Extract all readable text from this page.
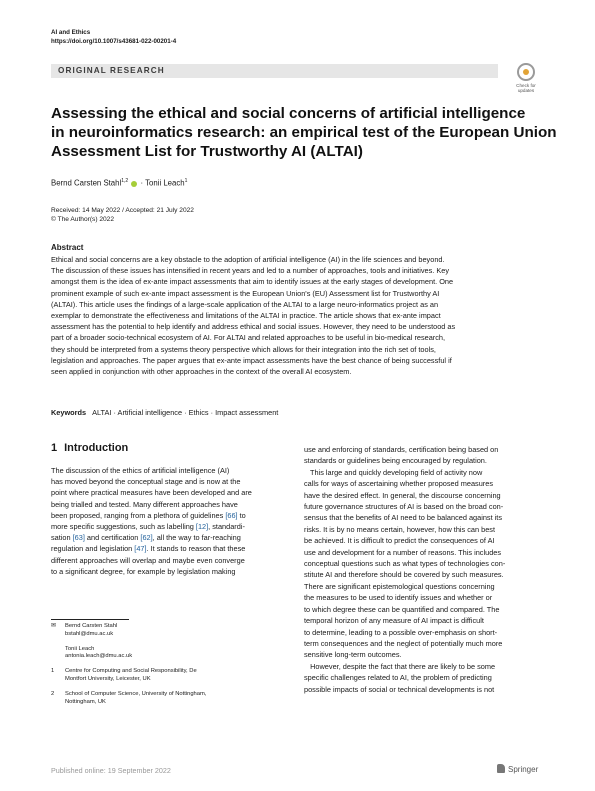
AI and Ethics
https://doi.org/10.1007/s43681-022-00201-4
ORIGINAL RESEARCH
Check for
updates
Assessing the ethical and social concerns of artificial intelligence
in neuroinformatics research: an empirical test of the European Union
Assessment List for Trustworthy AI (ALTAI)
Bernd Carsten Stahl$^{1,2}$  · Tonii Leach$^1$
Received: 14 May 2022 / Accepted: 21 July 2022
© The Author(s) 2022
Abstract
Ethical and social concerns are a key obstacle to the adoption of artificial intelligence (AI) in the life sciences and beyond.
The discussion of these issues has intensified in recent years and led to a number of approaches, tools and initiatives. Key
amongst them is the idea of ex-ante impact assessments that aim to identify issues at the early stages of development. One
prominent example of such ex-ante impact assessment is the European Union's (EU) Assessment list for Trustworthy AI
(ALTAI). This article uses the findings of a large-scale application of the ALTAI to a large neuro-informatics project as an
exemplar to demonstrate the effectiveness and limitations of the ALTAI in practice. The article shows that ex-ante impact
assessment has the potential to help identify and address ethical and social issues. However, they need to be understood as
part of a broader socio-technical ecosystem of AI. For ALTAI and related approaches to be useful in bio-medical research,
they should be interpreted from a systems theory perspective which allows for their integration into the rich set of tools,
legislation and approaches. The paper argues that ex-ante impact assessments have the best chance of being successful if
seen applied in conjunction with other approaches in the context of the overall AI ecosystem.
Keywords ALTAI · Artificial intelligence · Ethics · Impact assessment
1 Introduction
The discussion of the ethics of artificial intelligence (AI)
has moved beyond the conceptual stage and is now at the
point where practical measures have been developed and are
being trialled and tested. Many different approaches have
been proposed, ranging from a plethora of guidelines [66] to
more specific suggestions, such as labelling [12], standardi-
sation [63] and certification [62], all the way to far-reaching
regulation and legislation [47]. It stands to reason that these
different approaches will overlap and maybe even converge
to a significant degree, for example by legislation making
use and enforcing of standards, certification being based on
standards or guidelines being encouraged by regulation.
This large and quickly developing field of activity now
calls for ways of ascertaining whether proposed measures
have the desired effect. In general, the discourse concerning
future governance structures of AI is based on the broad con-
sensus that the benefits of AI need to be balanced against its
risks. It is by no means certain, however, how this can best
be achieved. It is difficult to predict the consequences of AI
use and development for a number of reasons. This includes
conceptual questions such as what types of technologies con-
stitute AI and therefore should be covered by such measures.
There are significant epistemological questions concerning
the measures to be used to identify issues and whether or
to which degree these can be quantified and compared. The
temporal horizon of any measure of AI impact is difficult
to determine, leading to a possible over-emphasis on short-
term consequences and the neglect of potentially much more
sensitive long-term outcomes.
However, despite the fact that there are likely to be some
specific challenges related to AI, the problem of predicting
possible impacts of social or technical developments is not
✉ Bernd Carsten Stahl
bstahl@dmu.ac.uk
Tonii Leach
antonia.leach@dmu.ac.uk
1 Centre for Computing and Social Responsibility, De
Montfort University, Leicester, UK
2 School of Computer Science, University of Nottingham,
Nottingham, UK
Published online: 19 September 2022	Springer
